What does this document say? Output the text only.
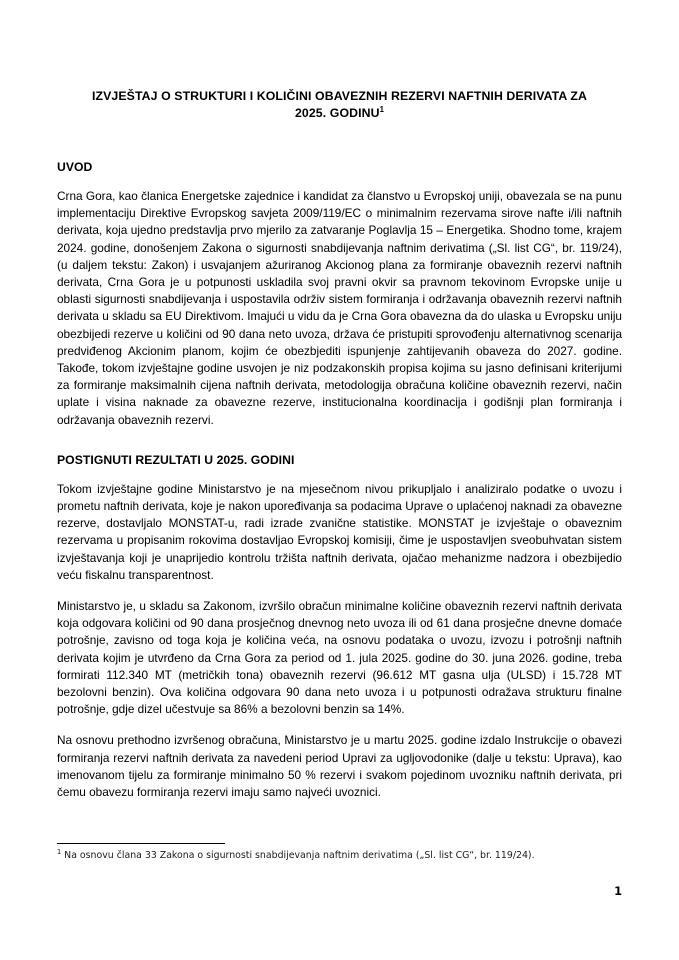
IZVJEŠTAJ O STRUKTURI I KOLIČINI OBAVEZNIH REZERVI NAFTNIH DERIVATA ZA
2025. GODINU$^1$
UVOD

Crna Gora, kao članica Energetske zajednice i kandidat za članstvo u Evropskoj uniji, obavezala se na punu implementaciju Direktive Evropskog savjeta 2009/119/EC o minimalnim rezervama sirove nafte i/ili naftnih derivata, koja ujedno predstavlja prvo mjerilo za zatvaranje Poglavlja 15 – Energetika. Shodno tome, krajem 2024. godine, donošenjem Zakona o sigurnosti snabdijevanja naftnim derivatima („Sl. list CG“, br. 119/24), (u daljem tekstu: Zakon) i usvajanjem ažuriranog Akcionog plana za formiranje obaveznih rezervi naftnih derivata, Crna Gora je u potpunosti uskladila svoj pravni okvir sa pravnom tekovinom Evropske unije u oblasti sigurnosti snabdijevanja i uspostavila održiv sistem formiranja i održavanja obaveznih rezervi naftnih derivata u skladu sa EU Direktivom. Imajući u vidu da je Crna Gora obavezna da do ulaska u Evropsku uniju obezbijedi rezerve u količini od 90 dana neto uvoza, država će pristupiti sprovođenju alternativnog scenarija predviđenog Akcionim planom, kojim će obezbjediti ispunjenje zahtijevanih obaveza do 2027. godine. Takođe, tokom izvještajne godine usvojen je niz podzakonskih propisa kojima su jasno definisani kriterijumi za formiranje maksimalnih cijena naftnih derivata, metodologija obračuna količine obaveznih rezervi, način uplate i visina naknade za obavezne rezerve, institucionalna koordinacija i godišnji plan formiranja i održavanja obaveznih rezervi.

POSTIGNUTI REZULTATI U 2025. GODINI

Tokom izvještajne godine Ministarstvo je na mjesečnom nivou prikupljalo i analiziralo podatke o uvozu i prometu naftnih derivata, koje je nakon upoređivanja sa podacima Uprave o uplaćenoj naknadi za obavezne rezerve, dostavljalo MONSTAT-u, radi izrade zvanične statistike. MONSTAT je izvještaje o obaveznim rezervama u propisanim rokovima dostavljao Evropskoj komisiji, čime je uspostavljen sveobuhvatan sistem izvještavanja koji je unaprijedio kontrolu tržišta naftnih derivata, ojačao mehanizme nadzora i obezbijedio veću fiskalnu transparentnost.

Ministarstvo je, u skladu sa Zakonom, izvršilo obračun minimalne količine obaveznih rezervi naftnih derivata koja odgovara količini od 90 dana prosječnog dnevnog neto uvoza ili od 61 dana prosječne dnevne domaće potrošnje, zavisno od toga koja je količina veća, na osnovu podataka o uvozu, izvozu i potrošnji naftnih derivata kojim je utvrđeno da Crna Gora za period od 1. jula 2025. godine do 30. juna 2026. godine, treba formirati 112.340 MT (metričkih tona) obaveznih rezervi (96.612 MT gasna ulja (ULSD) i 15.728 MT bezolovni benzin). Ova količina odgovara 90 dana neto uvoza i u potpunosti odražava strukturu finalne potrošnje, gdje dizel učestvuje sa 86% a bezolovni benzin sa 14%.

Na osnovu prethodno izvršenog obračuna, Ministarstvo je u martu 2025. godine izdalo Instrukcije o obavezi formiranja rezervi naftnih derivata za navedeni period Upravi za ugljovodonike (dalje u tekstu: Uprava), kao imenovanom tijelu za formiranje minimalno 50 % rezervi i svakom pojedinom uvozniku naftnih derivata, pri čemu obavezu formiranja rezervi imaju samo najveći uvoznici.

$^1$ Na osnovu člana 33 Zakona o sigurnosti snabdijevanja naftnim derivatima („Sl. list CG“, br. 119/24).

1
